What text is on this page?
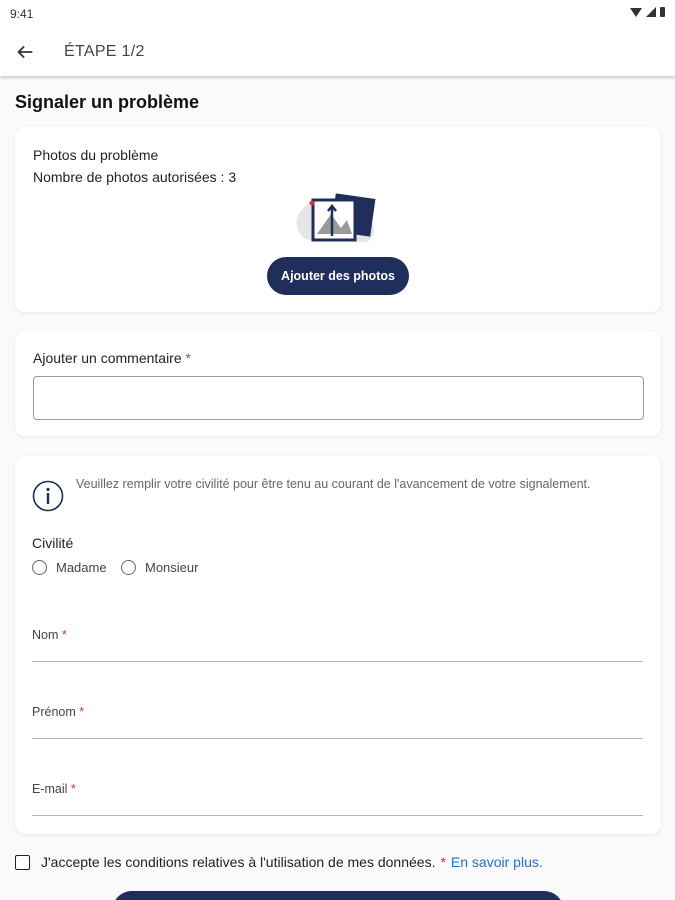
9:41
ÉTAPE 1/2
Signaler un problème
Photos du problème
Nombre de photos autorisées : 3
Ajouter des photos
Ajouter un commentaire *
Veuillez remplir votre civilité pour être tenu au courant de l'avancement de votre signalement.
Civilité
Madame	Monsieur
Nom *
Prénom *
E-mail *
J'accepte les conditions relatives à l'utilisation de mes données. * En savoir plus.
